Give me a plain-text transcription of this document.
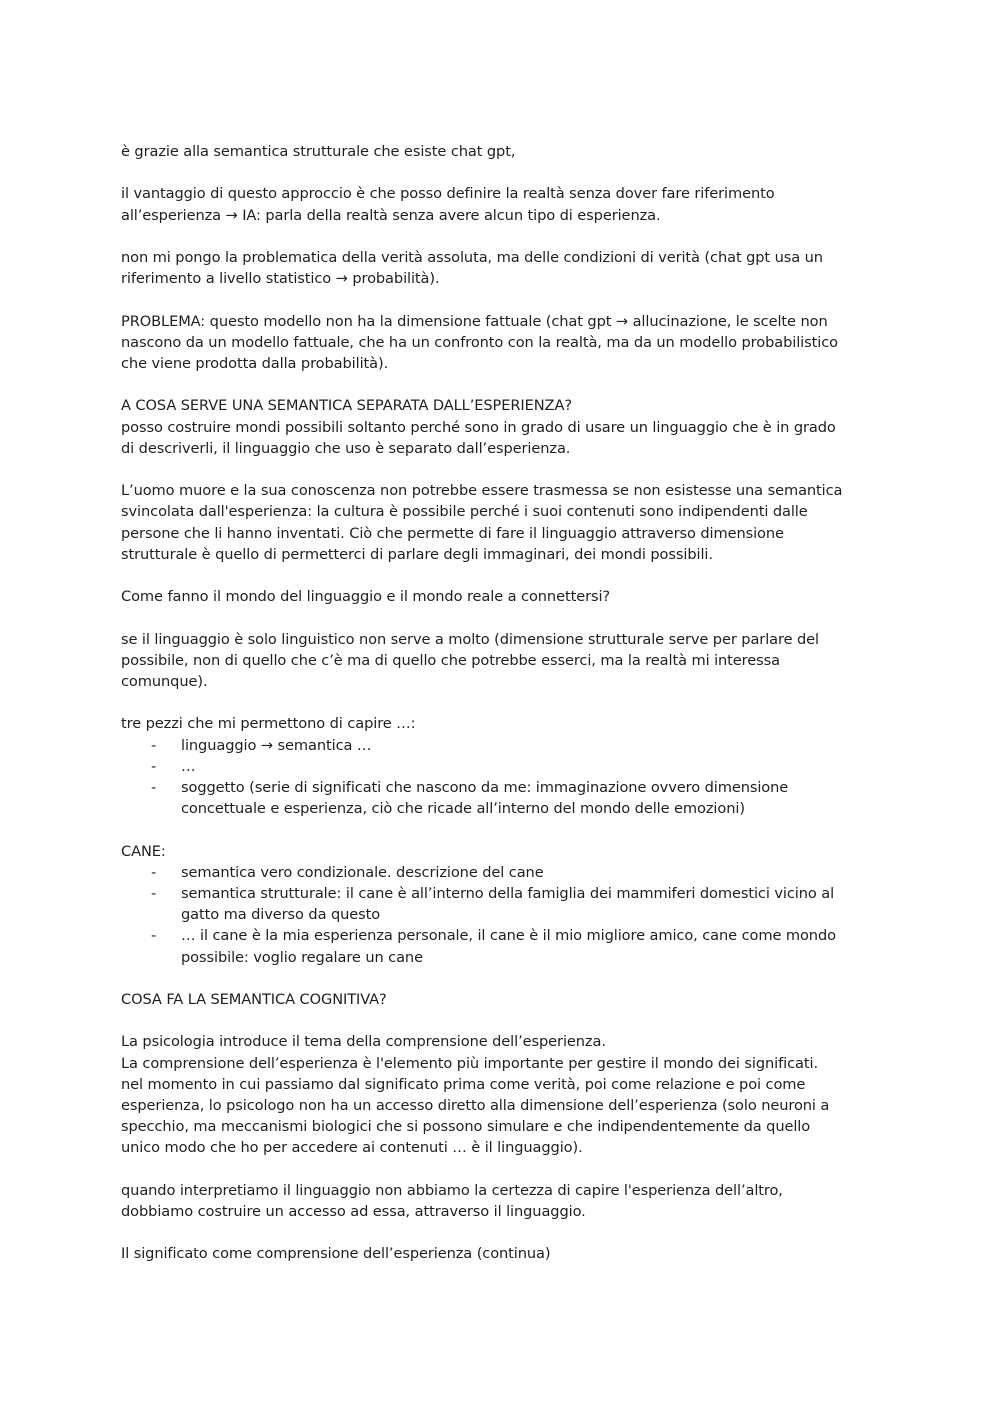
è grazie alla semantica strutturale che esiste chat gpt,
il vantaggio di questo approccio è che posso definire la realtà senza dover fare riferimento
all’esperienza → IA: parla della realtà senza avere alcun tipo di esperienza.
non mi pongo la problematica della verità assoluta, ma delle condizioni di verità (chat gpt usa un
riferimento a livello statistico → probabilità).
PROBLEMA: questo modello non ha la dimensione fattuale (chat gpt → allucinazione, le scelte non
nascono da un modello fattuale, che ha un confronto con la realtà, ma da un modello probabilistico
che viene prodotta dalla probabilità).
A COSA SERVE UNA SEMANTICA SEPARATA DALL’ESPERIENZA?
posso costruire mondi possibili soltanto perché sono in grado di usare un linguaggio che è in grado
di descriverli, il linguaggio che uso è separato dall’esperienza.
L’uomo muore e la sua conoscenza non potrebbe essere trasmessa se non esistesse una semantica
svincolata dall'esperienza: la cultura è possibile perché i suoi contenuti sono indipendenti dalle
persone che li hanno inventati. Ciò che permette di fare il linguaggio attraverso dimensione
strutturale è quello di permetterci di parlare degli immaginari, dei mondi possibili.
Come fanno il mondo del linguaggio e il mondo reale a connettersi?
se il linguaggio è solo linguistico non serve a molto (dimensione strutturale serve per parlare del
possibile, non di quello che c’è ma di quello che potrebbe esserci, ma la realtà mi interessa
comunque).
tre pezzi che mi permettono di capire …:
- linguaggio → semantica …
- …
- soggetto (serie di significati che nascono da me: immaginazione ovvero dimensione
concettuale e esperienza, ciò che ricade all’interno del mondo delle emozioni)
CANE:
- semantica vero condizionale. descrizione del cane
- semantica strutturale: il cane è all’interno della famiglia dei mammiferi domestici vicino al
gatto ma diverso da questo
- … il cane è la mia esperienza personale, il cane è il mio migliore amico, cane come mondo
possibile: voglio regalare un cane
COSA FA LA SEMANTICA COGNITIVA?
La psicologia introduce il tema della comprensione dell’esperienza.
La comprensione dell’esperienza è l'elemento più importante per gestire il mondo dei significati.
nel momento in cui passiamo dal significato prima come verità, poi come relazione e poi come
esperienza, lo psicologo non ha un accesso diretto alla dimensione dell’esperienza (solo neuroni a
specchio, ma meccanismi biologici che si possono simulare e che indipendentemente da quello
unico modo che ho per accedere ai contenuti … è il linguaggio).
quando interpretiamo il linguaggio non abbiamo la certezza di capire l'esperienza dell’altro,
dobbiamo costruire un accesso ad essa, attraverso il linguaggio.
Il significato come comprensione dell’esperienza (continua)
